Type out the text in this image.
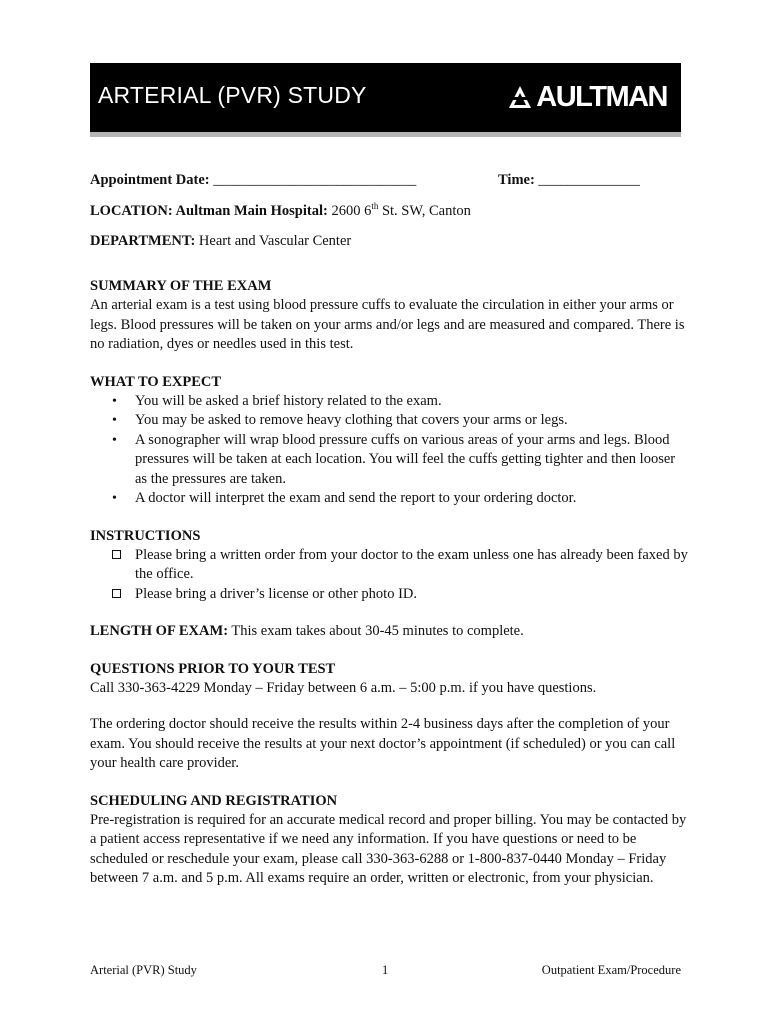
ARTERIAL (PVR) STUDY	AULTMAN
Appointment Date: ____________________________	Time: ______________
LOCATION: Aultman Main Hospital: 2600 6th St. SW, Canton
DEPARTMENT: Heart and Vascular Center
SUMMARY OF THE EXAM

An arterial exam is a test using blood pressure cuffs to evaluate the circulation in either your arms or legs. Blood pressures will be taken on your arms and/or legs and are measured and compared. There is no radiation, dyes or needles used in this test.

WHAT TO EXPECT
• You will be asked a brief history related to the exam.
• You may be asked to remove heavy clothing that covers your arms or legs.
• A sonographer will wrap blood pressure cuffs on various areas of your arms and legs. Blood pressures will be taken at each location. You will feel the cuffs getting tighter and then looser as the pressures are taken.
• A doctor will interpret the exam and send the report to your ordering doctor.
INSTRUCTIONS
Please bring a written order from your doctor to the exam unless one has already been faxed by the office.
Please bring a driver’s license or other photo ID.

LENGTH OF EXAM: This exam takes about 30-45 minutes to complete.

QUESTIONS PRIOR TO YOUR TEST

Call 330-363-4229 Monday – Friday between 6 a.m. – 5:00 p.m. if you have questions.

The ordering doctor should receive the results within 2-4 business days after the completion of your exam. You should receive the results at your next doctor’s appointment (if scheduled) or you can call your health care provider.

SCHEDULING AND REGISTRATION

Pre-registration is required for an accurate medical record and proper billing. You may be contacted by a patient access representative if we need any information. If you have questions or need to be scheduled or reschedule your exam, please call 330-363-6288 or 1-800-837-0440 Monday – Friday between 7 a.m. and 5 p.m. All exams require an order, written or electronic, from your physician.

Arterial (PVR) Study	1	Outpatient Exam/Procedure
